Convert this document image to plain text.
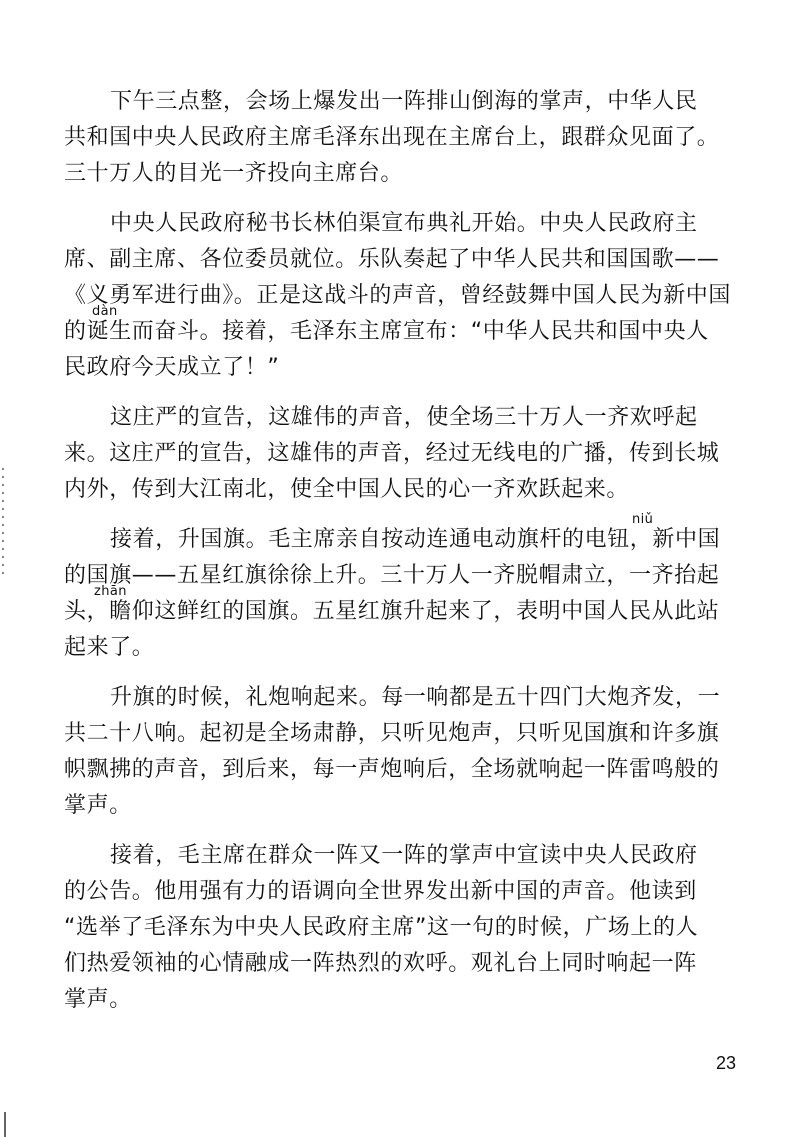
下午三点整，会场上爆发出一阵排山倒海的掌声，中华人民
共和国中央人民政府主席毛泽东出现在主席台上，跟群众见面了。
三十万人的目光一齐投向主席台。

中央人民政府秘书长林伯渠宣布典礼开始。中央人民政府主
席、副主席、各位委员就位。乐队奏起了中华人民共和国国歌——
《义勇军进行曲》。正是这战斗的声音，曾经鼓舞中国人民为新中国
dàn
的诞生而奋斗。接着，毛泽东主席宣布：“中华人民共和国中央人
民政府今天成立了！”

这庄严的宣告，这雄伟的声音，使全场三十万人一齐欢呼起
来。这庄严的宣告，这雄伟的声音，经过无线电的广播，传到长城
内外，传到大江南北，使全中国人民的心一齐欢跃起来。

niǔ
接着，升国旗。毛主席亲自按动连通电动旗杆的电钮，新中国
的国旗——五星红旗徐徐上升。三十万人一齐脱帽肃立，一齐抬起
zhān
头，瞻仰这鲜红的国旗。五星红旗升起来了，表明中国人民从此站
起来了。

升旗的时候，礼炮响起来。每一响都是五十四门大炮齐发，一
共二十八响。起初是全场肃静，只听见炮声，只听见国旗和许多旗
帜飘拂的声音，到后来，每一声炮响后，全场就响起一阵雷鸣般的
掌声。

接着，毛主席在群众一阵又一阵的掌声中宣读中央人民政府
的公告。他用强有力的语调向全世界发出新中国的声音。他读到
“选举了毛泽东为中央人民政府主席”这一句的时候，广场上的人
们热爱领袖的心情融成一阵热烈的欢呼。观礼台上同时响起一阵
掌声。

23
